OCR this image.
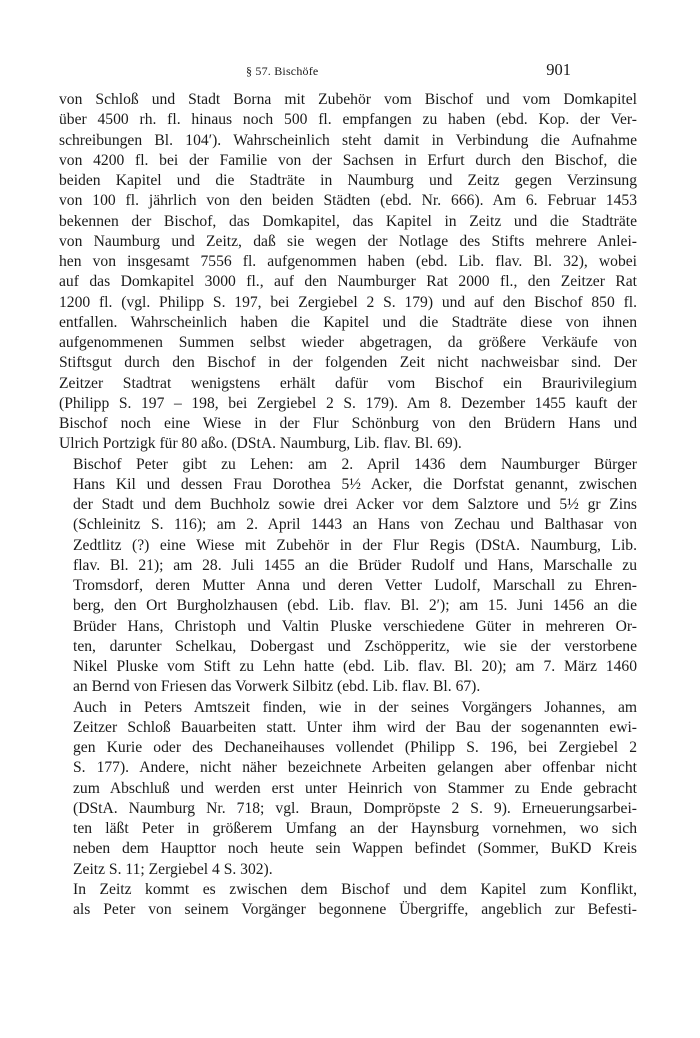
§ 57. Bischöfe	901

von Schloß und Stadt Borna mit Zubehör vom Bischof und vom Domkapitel
über 4500 rh. fl. hinaus noch 500 fl. empfangen zu haben (ebd. Kop. der Ver-
schreibungen Bl. 104′). Wahrscheinlich steht damit in Verbindung die Aufnahme
von 4200 fl. bei der Familie von der Sachsen in Erfurt durch den Bischof, die
beiden Kapitel und die Stadträte in Naumburg und Zeitz gegen Verzinsung
von 100 fl. jährlich von den beiden Städten (ebd. Nr. 666). Am 6. Februar 1453
bekennen der Bischof, das Domkapitel, das Kapitel in Zeitz und die Stadträte
von Naumburg und Zeitz, daß sie wegen der Notlage des Stifts mehrere Anlei-
hen von insgesamt 7556 fl. aufgenommen haben (ebd. Lib. flav. Bl. 32), wobei
auf das Domkapitel 3000 fl., auf den Naumburger Rat 2000 fl., den Zeitzer Rat
1200 fl. (vgl. Philipp S. 197, bei Zergiebel 2 S. 179) und auf den Bischof 850 fl.
entfallen. Wahrscheinlich haben die Kapitel und die Stadträte diese von ihnen
aufgenommenen Summen selbst wieder abgetragen, da größere Verkäufe von
Stiftsgut durch den Bischof in der folgenden Zeit nicht nachweisbar sind. Der
Zeitzer Stadtrat wenigstens erhält dafür vom Bischof ein Braurivilegium
(Philipp S. 197 – 198, bei Zergiebel 2 S. 179). Am 8. Dezember 1455 kauft der
Bischof noch eine Wiese in der Flur Schönburg von den Brüdern Hans und
Ulrich Portzigk für 80 aßo. (DStA. Naumburg, Lib. flav. Bl. 69).

Bischof Peter gibt zu Lehen: am 2. April 1436 dem Naumburger Bürger
Hans Kil und dessen Frau Dorothea 5½ Acker, die Dorfstat genannt, zwischen
der Stadt und dem Buchholz sowie drei Acker vor dem Salztore und 5½ gr Zins
(Schleinitz S. 116); am 2. April 1443 an Hans von Zechau und Balthasar von
Zedtlitz (?) eine Wiese mit Zubehör in der Flur Regis (DStA. Naumburg, Lib.
flav. Bl. 21); am 28. Juli 1455 an die Brüder Rudolf und Hans, Marschalle zu
Tromsdorf, deren Mutter Anna und deren Vetter Ludolf, Marschall zu Ehren-
berg, den Ort Burgholzhausen (ebd. Lib. flav. Bl. 2′); am 15. Juni 1456 an die
Brüder Hans, Christoph und Valtin Pluske verschiedene Güter in mehreren Or-
ten, darunter Schelkau, Dobergast und Zschöpperitz, wie sie der verstorbene
Nikel Pluske vom Stift zu Lehn hatte (ebd. Lib. flav. Bl. 20); am 7. März 1460
an Bernd von Friesen das Vorwerk Silbitz (ebd. Lib. flav. Bl. 67).

Auch in Peters Amtszeit finden, wie in der seines Vorgängers Johannes, am
Zeitzer Schloß Bauarbeiten statt. Unter ihm wird der Bau der sogenannten ewi-
gen Kurie oder des Dechaneihauses vollendet (Philipp S. 196, bei Zergiebel 2
S. 177). Andere, nicht näher bezeichnete Arbeiten gelangen aber offenbar nicht
zum Abschluß und werden erst unter Heinrich von Stammer zu Ende gebracht
(DStA. Naumburg Nr. 718; vgl. Braun, Dompröpste 2 S. 9). Erneuerungsarbei-
ten läßt Peter in größerem Umfang an der Haynsburg vornehmen, wo sich
neben dem Haupttor noch heute sein Wappen befindet (Sommer, BuKD Kreis
Zeitz S. 11; Zergiebel 4 S. 302).

In Zeitz kommt es zwischen dem Bischof und dem Kapitel zum Konflikt,
als Peter von seinem Vorgänger begonnene Übergriffe, angeblich zur Befesti-
